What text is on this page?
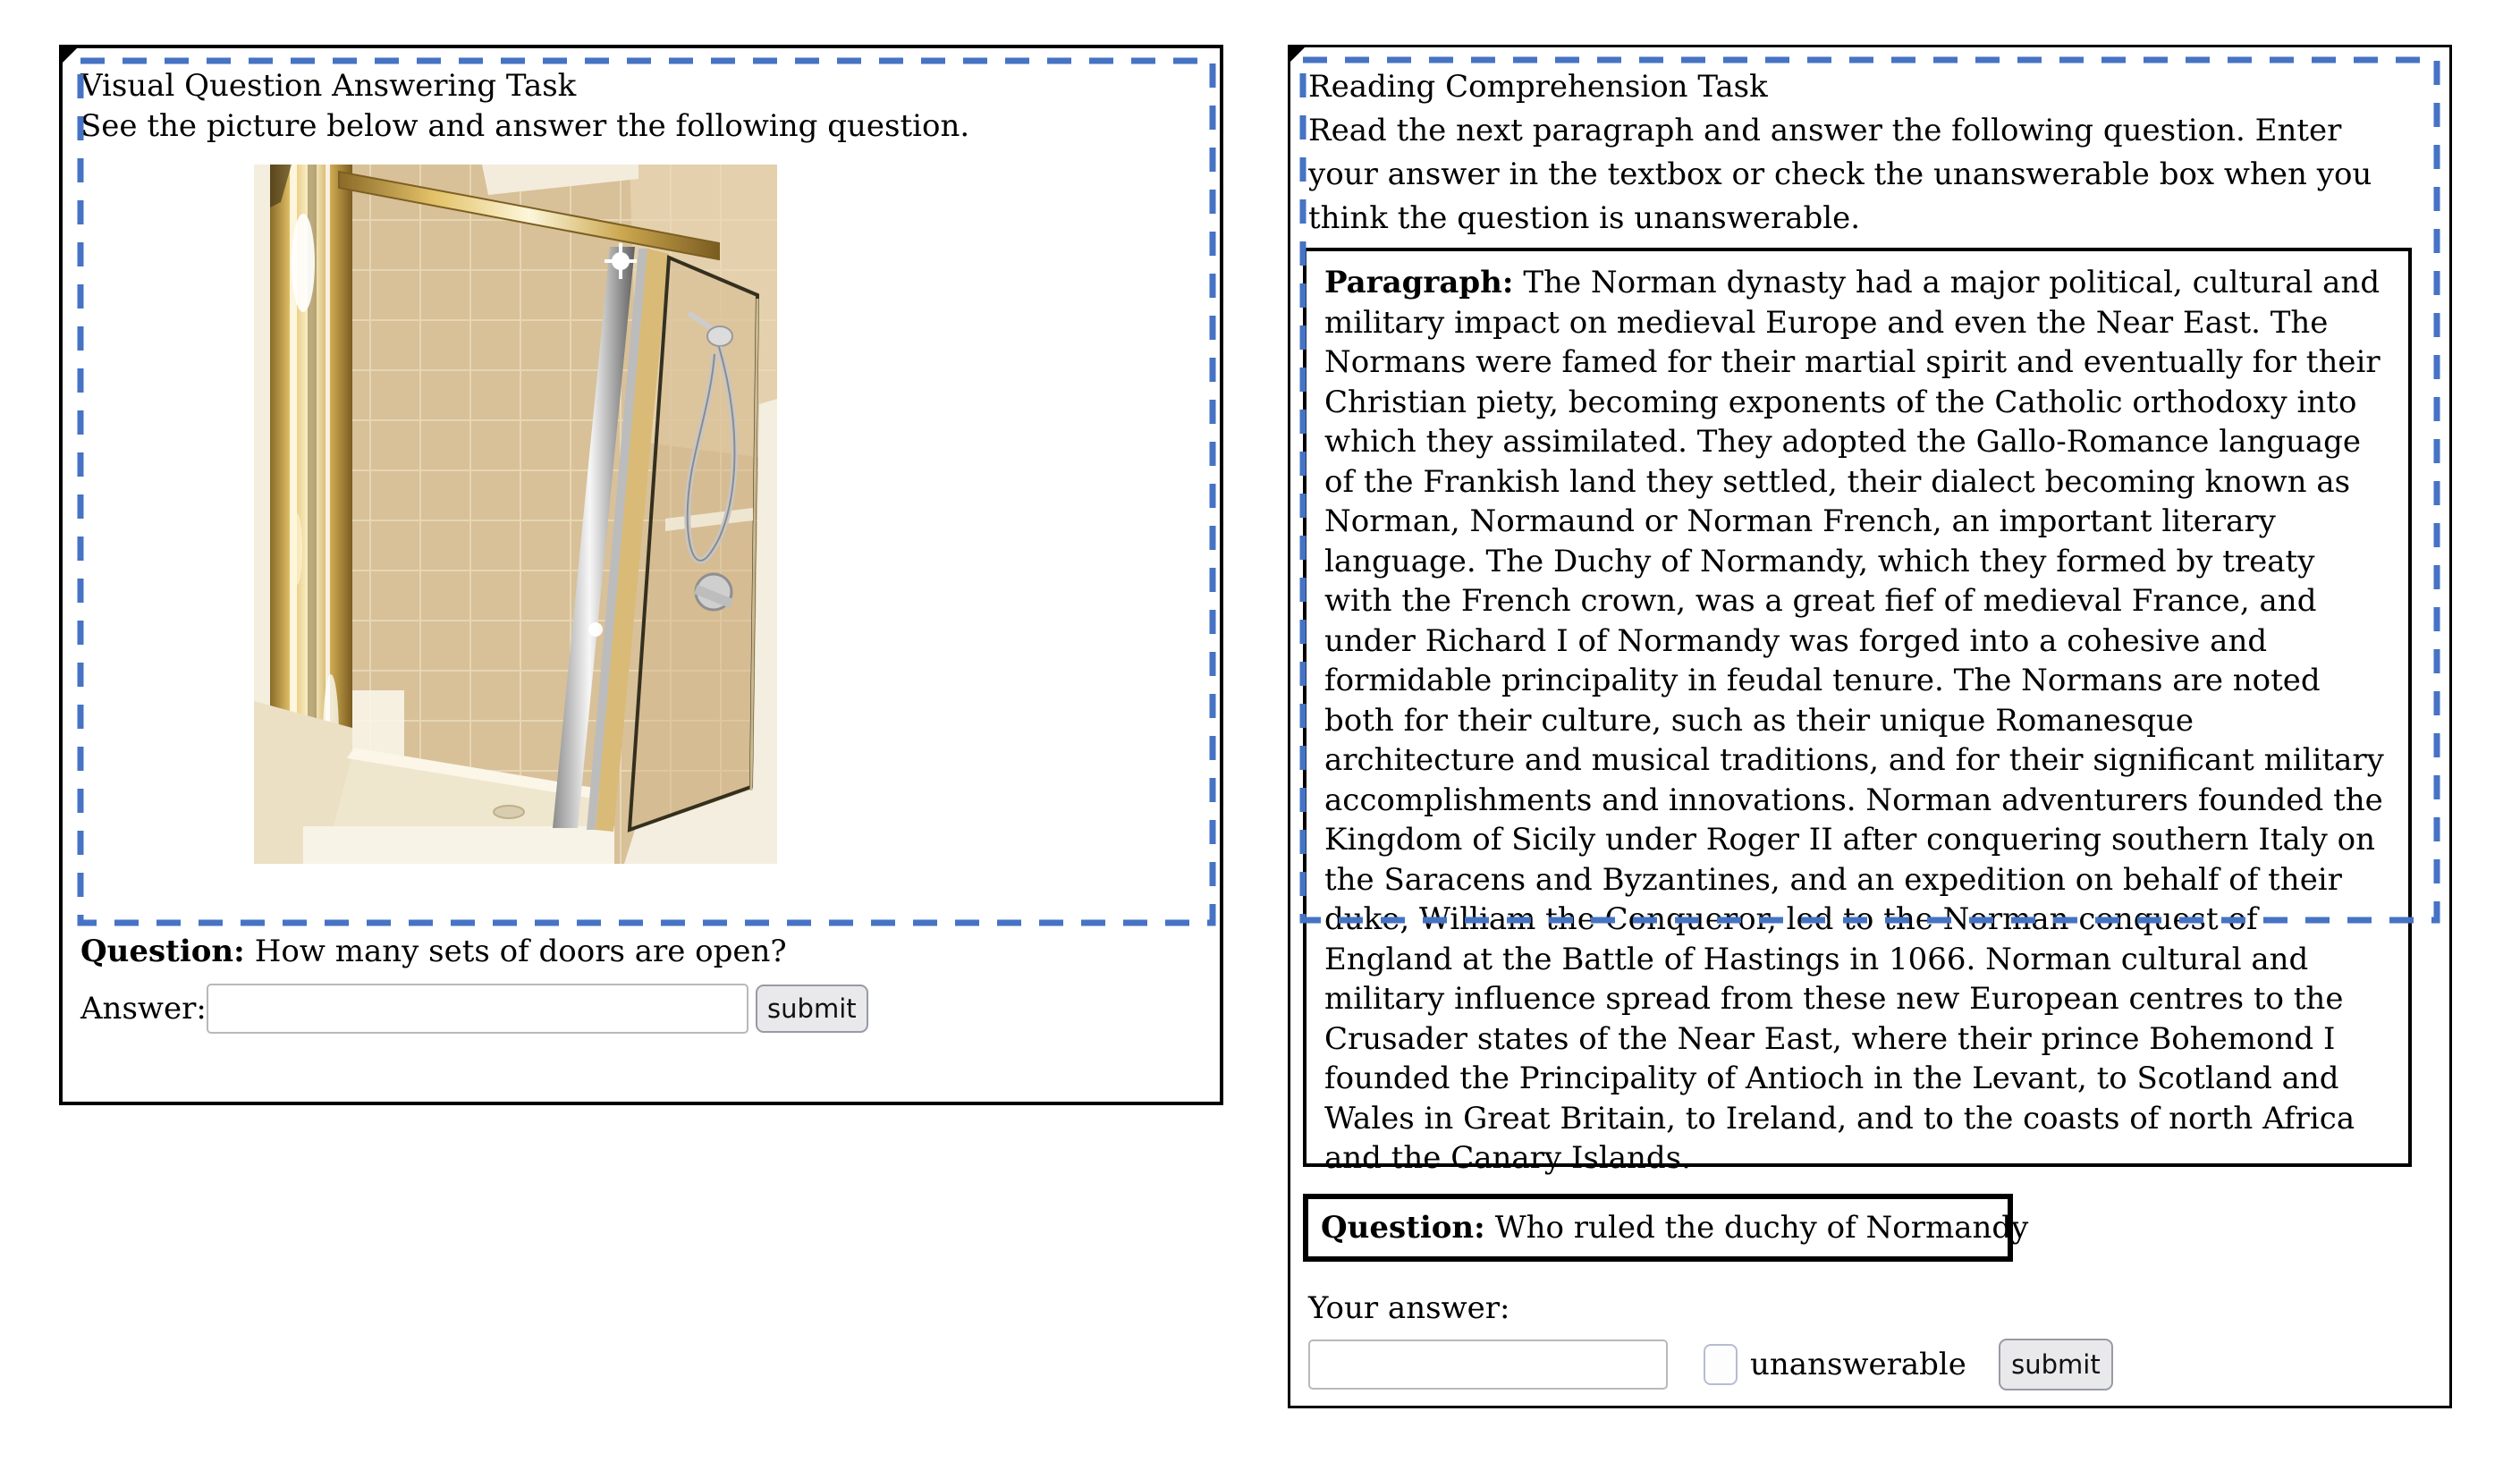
Visual Question Answering Task
See the picture below and answer the following question.
Question: How many sets of doors are open?
Answer:	submit
Reading Comprehension Task
Read the next paragraph and answer the following question. Enter your answer in the textbox or check the unanswerable box when you think the question is unanswerable.
Paragraph: The Norman dynasty had a major political, cultural and military impact on medieval Europe and even the Near East. The Normans were famed for their martial spirit and eventually for their Christian piety, becoming exponents of the Catholic orthodoxy into which they assimilated. They adopted the Gallo-Romance language of the Frankish land they settled, their dialect becoming known as Norman, Normaund or Norman French, an important literary language. The Duchy of Normandy, which they formed by treaty with the French crown, was a great fief of medieval France, and under Richard I of Normandy was forged into a cohesive and formidable principality in feudal tenure. The Normans are noted both for their culture, such as their unique Romanesque architecture and musical traditions, and for their significant military accomplishments and innovations. Norman adventurers founded the Kingdom of Sicily under Roger II after conquering southern Italy on the Saracens and Byzantines, and an expedition on behalf of their duke, William the Conqueror, led to the Norman conquest of England at the Battle of Hastings in 1066. Norman cultural and military influence spread from these new European centres to the Crusader states of the Near East, where their prince Bohemond I founded the Principality of Antioch in the Levant, to Scotland and Wales in Great Britain, to Ireland, and to the coasts of north Africa and the Canary Islands.
Question: Who ruled the duchy of Normandy
Your answer:
unanswerable	submit
